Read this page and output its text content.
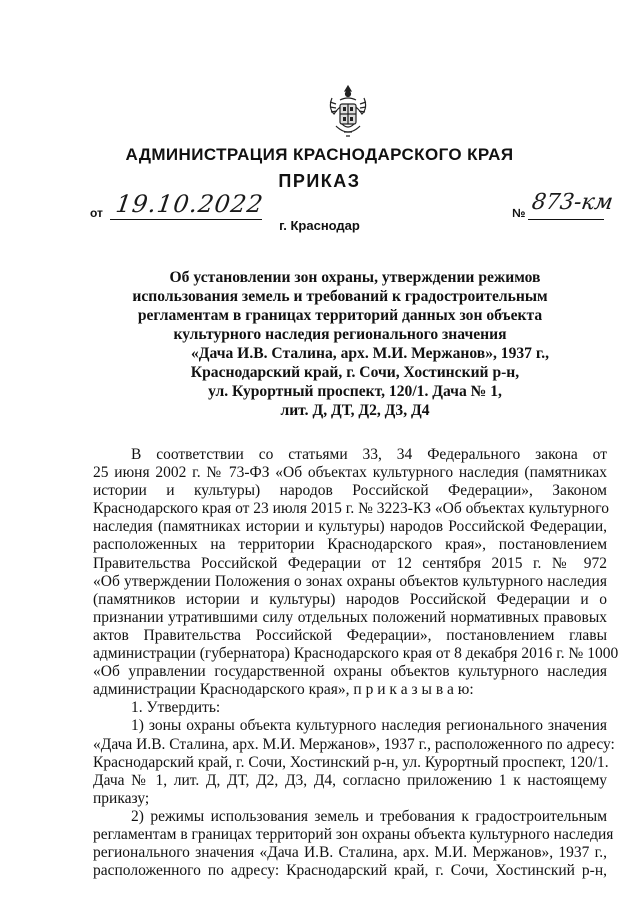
АДМИНИСТРАЦИЯ КРАСНОДАРСКОГО КРАЯ
ПРИКАЗ
от 19.10.2022	№ 873-км
г. Краснодар
Об установлении зон охраны, утверждении режимов
использования земель и требований к градостроительным
регламентам в границах территорий данных зон объекта
культурного наследия регионального значения
«Дача И.В. Сталина, арх. М.И. Мержанов», 1937 г.,
Краснодарский край, г. Сочи, Хостинский р-н,
ул. Курортный проспект, 120/1. Дача № 1,
лит. Д, ДТ, Д2, Д3, Д4

В соответствии со статьями 33, 34 Федерального закона от
25 июня 2002 г. № 73-ФЗ «Об объектах культурного наследия (памятниках
истории и культуры) народов Российской Федерации», Законом
Краснодарского края от 23 июля 2015 г. № 3223-КЗ «Об объектах культурного
наследия (памятниках истории и культуры) народов Российской Федерации,
расположенных на территории Краснодарского края», постановлением
Правительства Российской Федерации от 12 сентября 2015 г. № 972
«Об утверждении Положения о зонах охраны объектов культурного наследия
(памятников истории и культуры) народов Российской Федерации и о
признании утратившими силу отдельных положений нормативных правовых
актов Правительства Российской Федерации», постановлением главы
администрации (губернатора) Краснодарского края от 8 декабря 2016 г. № 1000
«Об управлении государственной охраны объектов культурного наследия
администрации Краснодарского края», п р и к а з ы в а ю:

1. Утвердить:

1) зоны охраны объекта культурного наследия регионального значения
«Дача И.В. Сталина, арх. М.И. Мержанов», 1937 г., расположенного по адресу:
Краснодарский край, г. Сочи, Хостинский р-н, ул. Курортный проспект, 120/1.
Дача № 1, лит. Д, ДТ, Д2, Д3, Д4, согласно приложению 1 к настоящему
приказу;

2) режимы использования земель и требования к градостроительным
регламентам в границах территорий зон охраны объекта культурного наследия
регионального значения «Дача И.В. Сталина, арх. М.И. Мержанов», 1937 г.,
расположенного по адресу: Краснодарский край, г. Сочи, Хостинский р-н,
